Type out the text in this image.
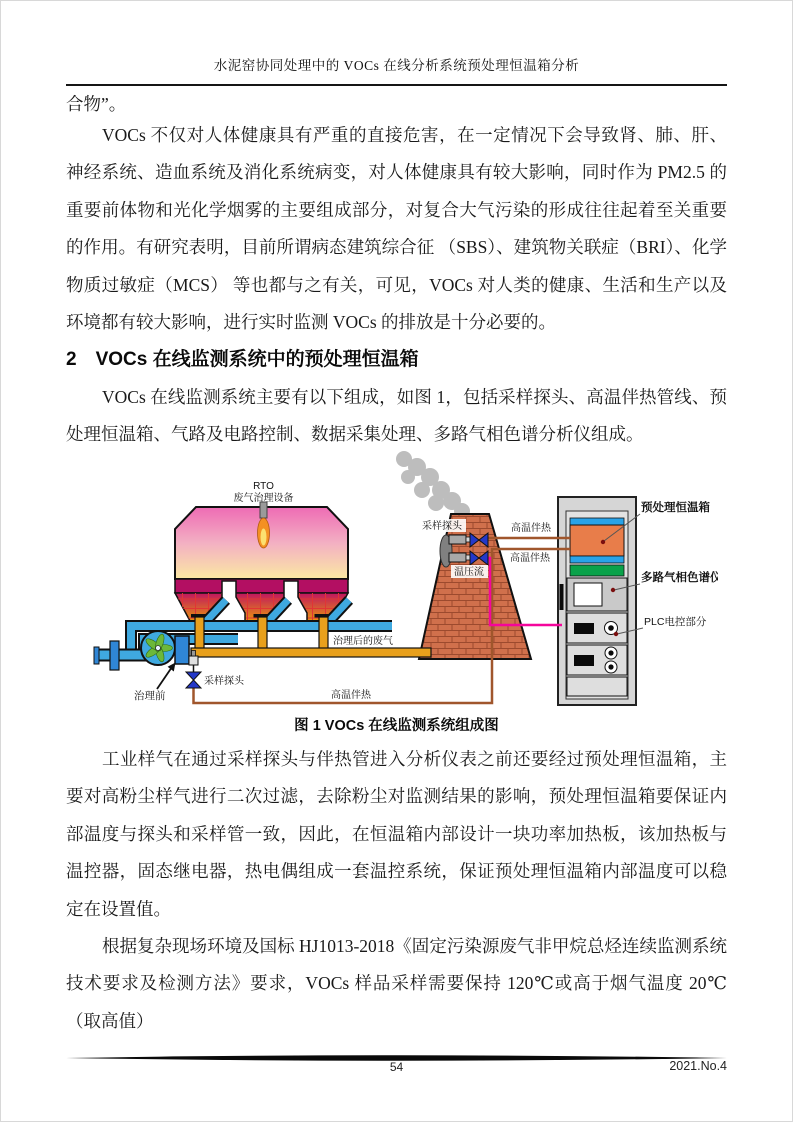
水泥窑协同处理中的 VOCs 在线分析系统预处理恒温箱分析
合物”。
VOCs 不仅对人体健康具有严重的直接危害，在一定情况下会导致肾、肺、肝、神经系统、造血系统及消化系统病变，对人体健康具有较大影响，同时作为 PM2.5 的重要前体物和光化学烟雾的主要组成部分，对复合大气污染的形成往往起着至关重要的作用。有研究表明，目前所谓病态建筑综合征 （SBS）、建筑物关联症（BRI）、化学物质过敏症（MCS） 等也都与之有关，可见，VOCs 对人类的健康、生活和生产以及环境都有较大影响，进行实时监测 VOCs 的排放是十分必要的。
2　VOCs 在线监测系统中的预处理恒温箱
VOCs 在线监测系统主要有以下组成，如图 1，包括采样探头、高温伴热管线、预处理恒温箱、气路及电路控制、数据采集处理、多路气相色谱分析仪组成。
RTO
废气治理设备
治理前
采样探头
治理后的废气
高温伴热
采样探头
温压流
高温伴热
高温伴热
预处理恒温箱
多路气相色谱仪
PLC电控部分
图 1 VOCs 在线监测系统组成图
工业样气在通过采样探头与伴热管进入分析仪表之前还要经过预处理恒温箱，主要对高粉尘样气进行二次过滤，去除粉尘对监测结果的影响，预处理恒温箱要保证内部温度与探头和采样管一致，因此，在恒温箱内部设计一块功率加热板，该加热板与温控器，固态继电器，热电偶组成一套温控系统，保证预处理恒温箱内部温度可以稳定在设置值。
根据复杂现场环境及国标 HJ1013-2018《固定污染源废气非甲烷总烃连续监测系统技术要求及检测方法》要求，VOCs 样品采样需要保持 120℃或高于烟气温度 20℃（取高值）
54	2021.No.4
